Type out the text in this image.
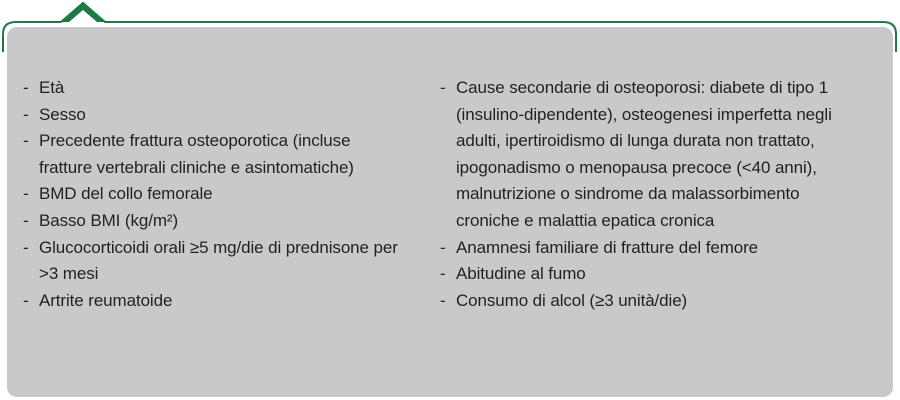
- Età
- Sesso
- Precedente frattura osteoporotica (incluse fratture vertebrali cliniche e asintomatiche)
- BMD del collo femorale
- Basso BMI (kg/m²)
- Glucocorticoidi orali ≥5 mg/die di prednisone per >3 mesi
- Artrite reumatoide
- Cause secondarie di osteoporosi: diabete di tipo 1 (insulino-dipendente), osteogenesi imperfetta negli adulti, ipertiroidismo di lunga durata non trattato, ipogonadismo o menopausa precoce (<40 anni), malnutrizione o sindrome da malassorbimento croniche e malattia epatica cronica
- Anamnesi familiare di fratture del femore
- Abitudine al fumo
- Consumo di alcol (≥3 unità/die)
